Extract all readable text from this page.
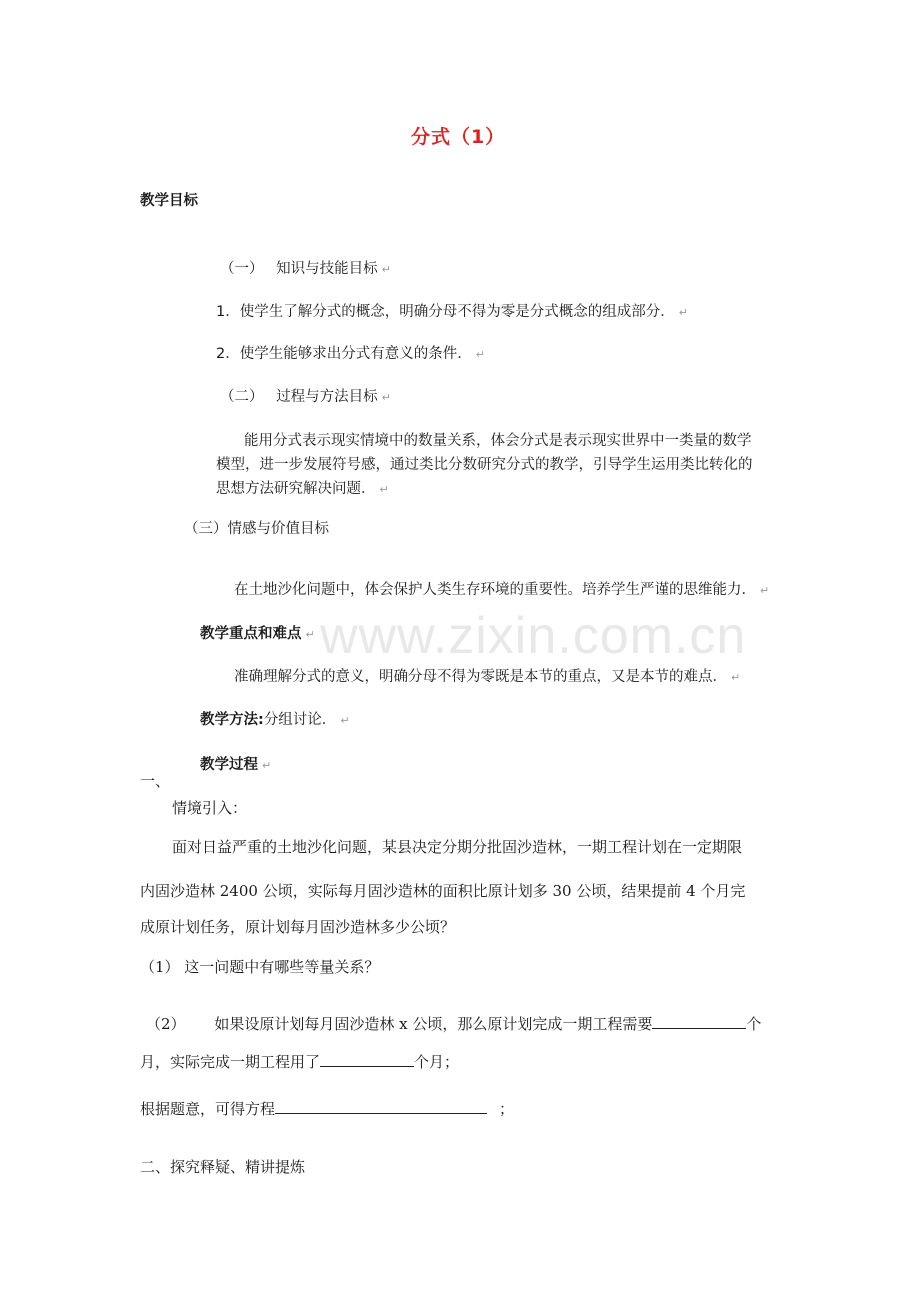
www.zixin.com.cn
分式（1）
教学目标
（一） 知识与技能目标 ↵
1．使学生了解分式的概念，明确分母不得为零是分式概念的组成部分． ↵
2．使学生能够求出分式有意义的条件． ↵
（二） 过程与方法目标 ↵
能用分式表示现实情境中的数量关系，体会分式是表示现实世界中一类量的数学
模型，进一步发展符号感，通过类比分数研究分式的教学，引导学生运用类比转化的
思想方法研究解决问题． ↵
（三）情感与价值目标
在土地沙化问题中，体会保护人类生存环境的重要性。培养学生严谨的思维能力． ↵
教学重点和难点 ↵
准确理解分式的意义，明确分母不得为零既是本节的重点，又是本节的难点． ↵
教学方法:分组讨论． ↵
教学过程 ↵
一、
情境引入：
面对日益严重的土地沙化问题，某县决定分期分批固沙造林，一期工程计划在一定期限
内固沙造林 2400 公顷，实际每月固沙造林的面积比原计划多 30 公顷，结果提前 4 个月完
成原计划任务，原计划每月固沙造林多少公顷？
（1） 这一问题中有哪些等量关系？
（2） 如果设原计划每月固沙造林 x 公顷，那么原计划完成一期工程需要	个
月，实际完成一期工程用了	个月；
根据题意，可得方程	；
二、探究释疑、精讲提炼
